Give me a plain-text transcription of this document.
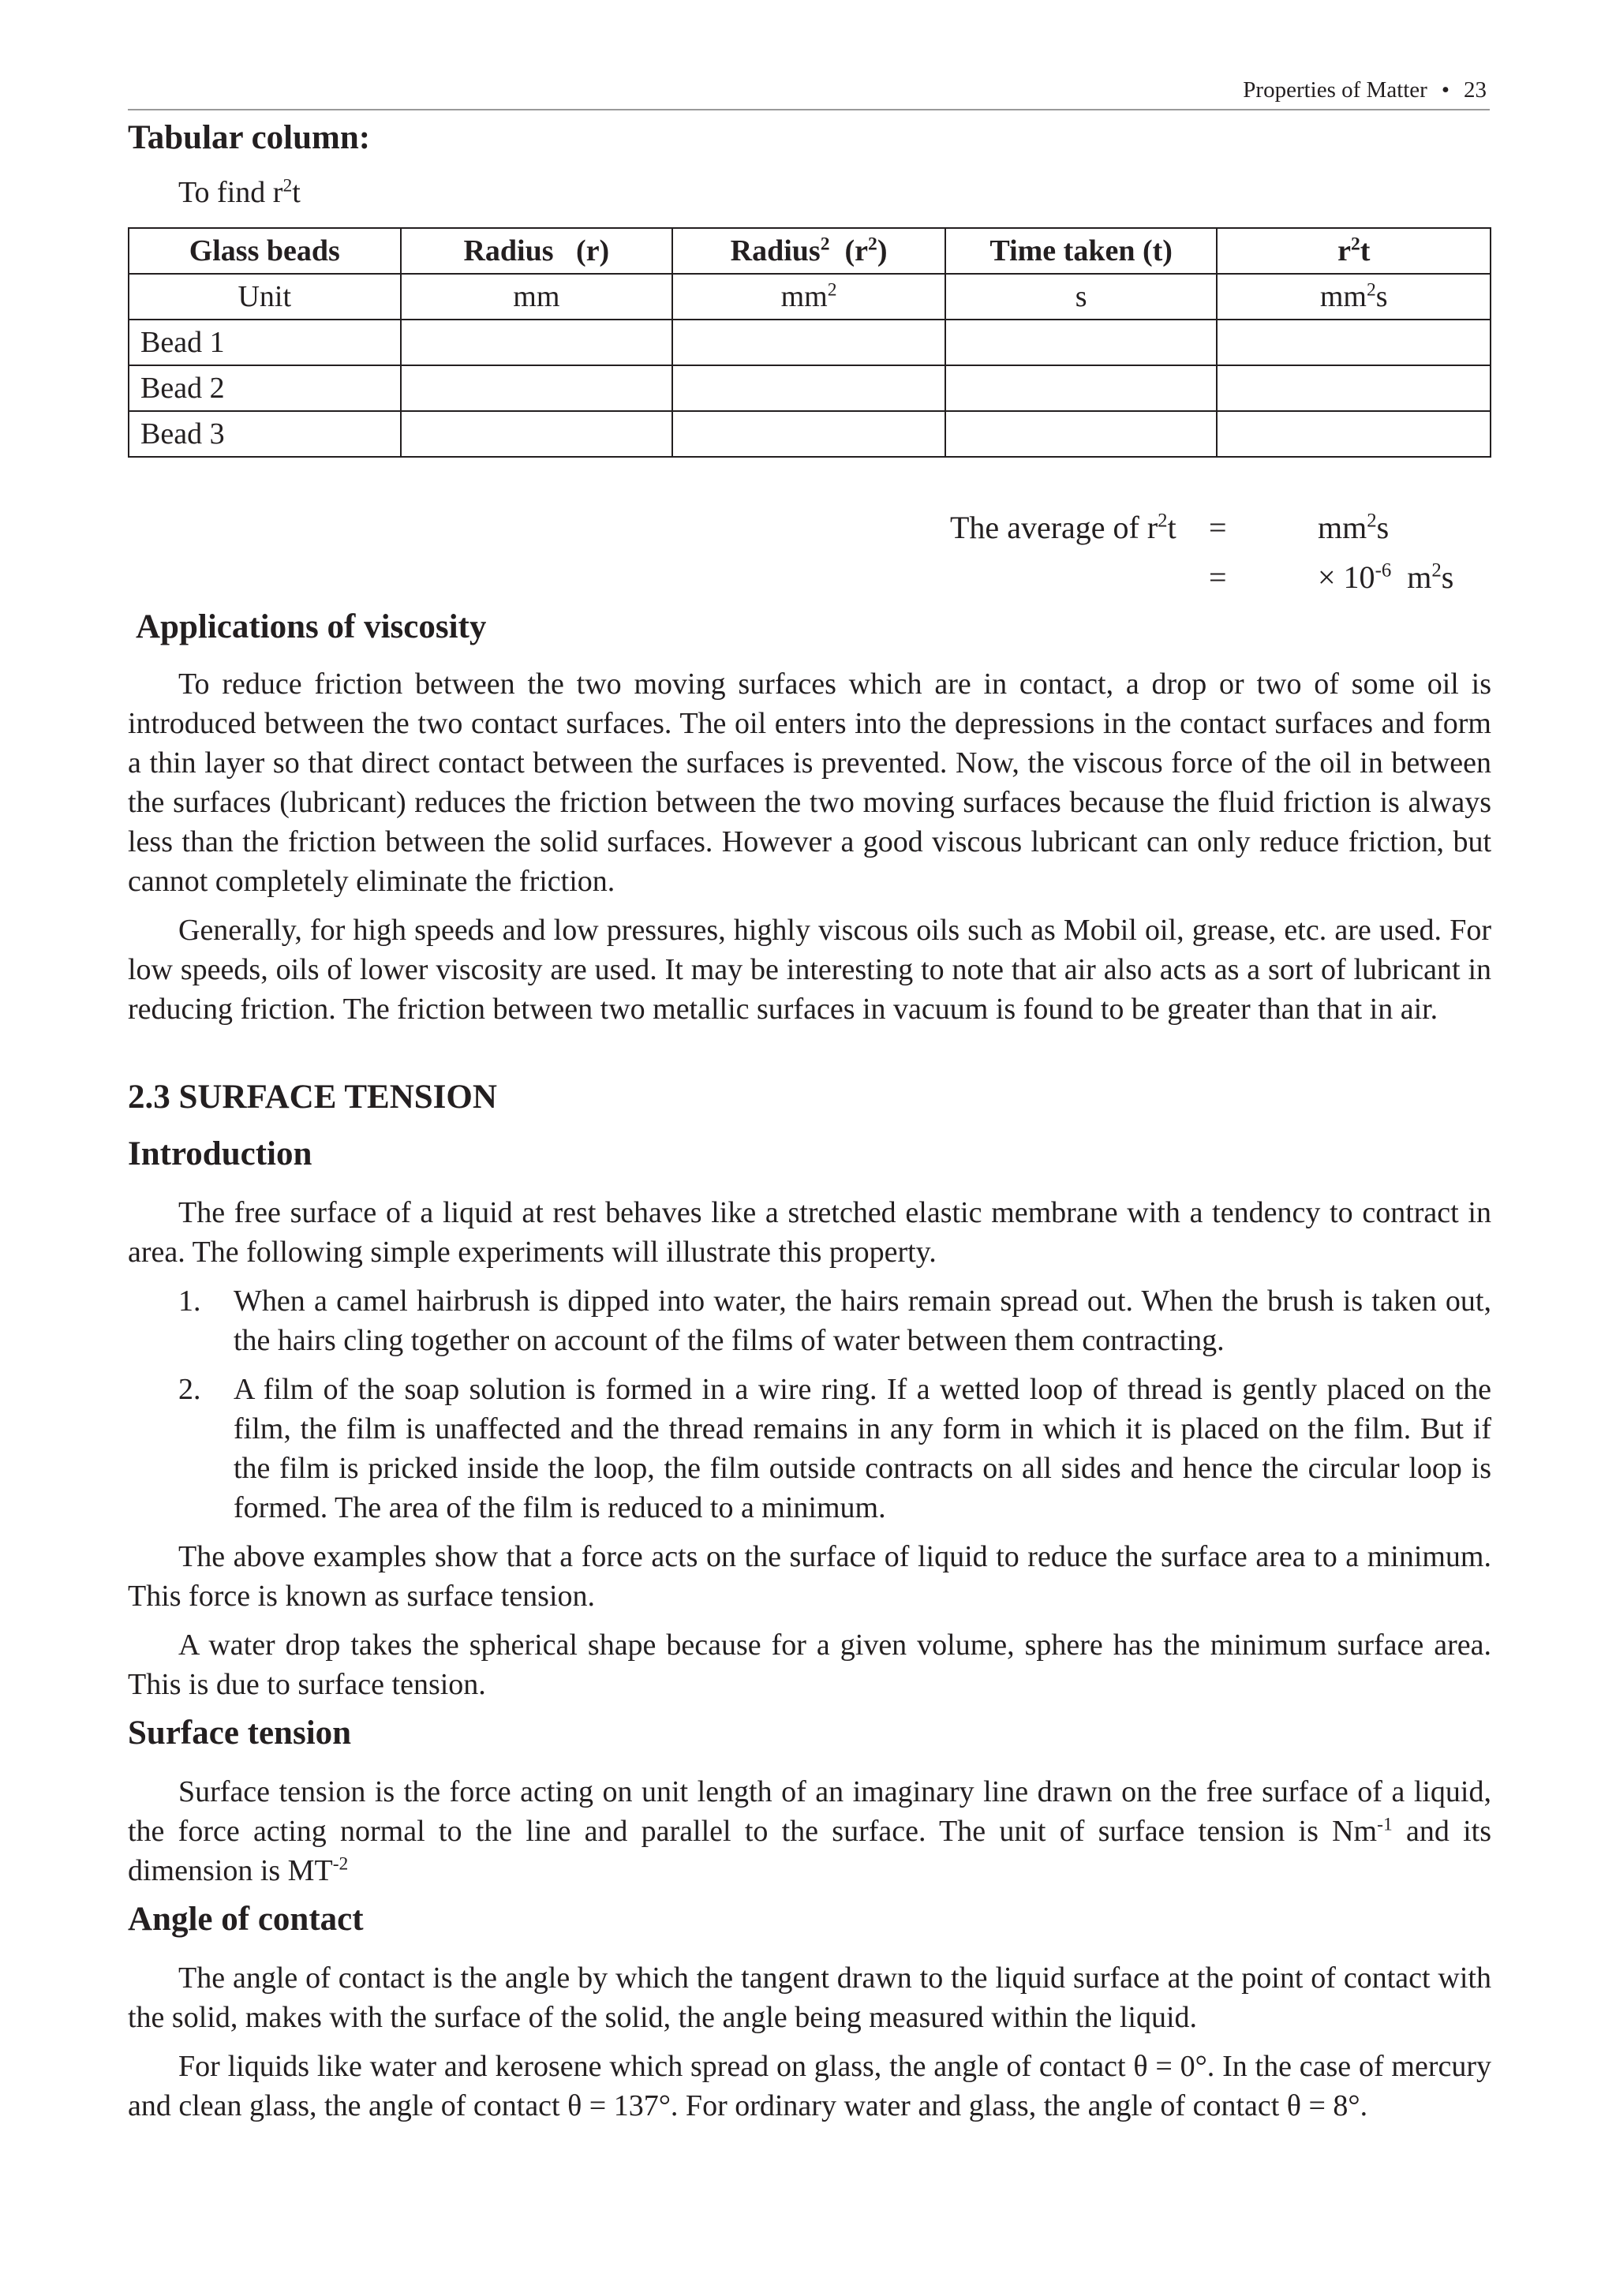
Properties of Matter • 23
Tabular column:
To find $r^2t$
Glass beads	Radius   (r)	Radius$^2$  $(r^2)$	Time taken (t)	$r^2t$
Unit	mm	$mm^2$	s	$mm^2s$
Bead 1				
Bead 2				
Bead 3				
The average of $r^2t$ =	$mm^2s$
=	× $10^{-6}$ $m^2s$
Applications of viscosity
To reduce friction between the two moving surfaces which are in contact, a drop or two of some oil is introduced between the two contact surfaces. The oil enters into the depressions in the contact surfaces and form a thin layer so that direct contact between the surfaces is prevented. Now, the viscous force of the oil in between the surfaces (lubricant) reduces the friction between the two moving surfaces because the fluid friction is always less than the friction between the solid surfaces. However a good viscous lubricant can only reduce friction, but cannot completely eliminate the friction.
Generally, for high speeds and low pressures, highly viscous oils such as Mobil oil, grease, etc. are used. For low speeds, oils of lower viscosity are used. It may be interesting to note that air also acts as a sort of lubricant in reducing friction. The friction between two metallic surfaces in vacuum is found to be greater than that in air.
2.3 SURFACE TENSION
Introduction
The free surface of a liquid at rest behaves like a stretched elastic membrane with a tendency to contract in area. The following simple experiments will illustrate this property.
1. When a camel hairbrush is dipped into water, the hairs remain spread out. When the brush is taken out, the hairs cling together on account of the films of water between them contracting.
2. A film of the soap solution is formed in a wire ring. If a wetted loop of thread is gently placed on the film, the film is unaffected and the thread remains in any form in which it is placed on the film. But if the film is pricked inside the loop, the film outside contracts on all sides and hence the circular loop is formed. The area of the film is reduced to a minimum.
The above examples show that a force acts on the surface of liquid to reduce the surface area to a minimum. This force is known as surface tension.
A water drop takes the spherical shape because for a given volume, sphere has the minimum surface area. This is due to surface tension.
Surface tension
Surface tension is the force acting on unit length of an imaginary line drawn on the free surface of a liquid, the force acting normal to the line and parallel to the surface. The unit of surface tension is $Nm^{-1}$ and its dimension is $MT^{-2}$
Angle of contact
The angle of contact is the angle by which the tangent drawn to the liquid surface at the point of contact with the solid, makes with the surface of the solid, the angle being measured within the liquid.
For liquids like water and kerosene which spread on glass, the angle of contact θ = 0°. In the case of mercury and clean glass, the angle of contact θ = 137°. For ordinary water and glass, the angle of contact θ = 8°.
